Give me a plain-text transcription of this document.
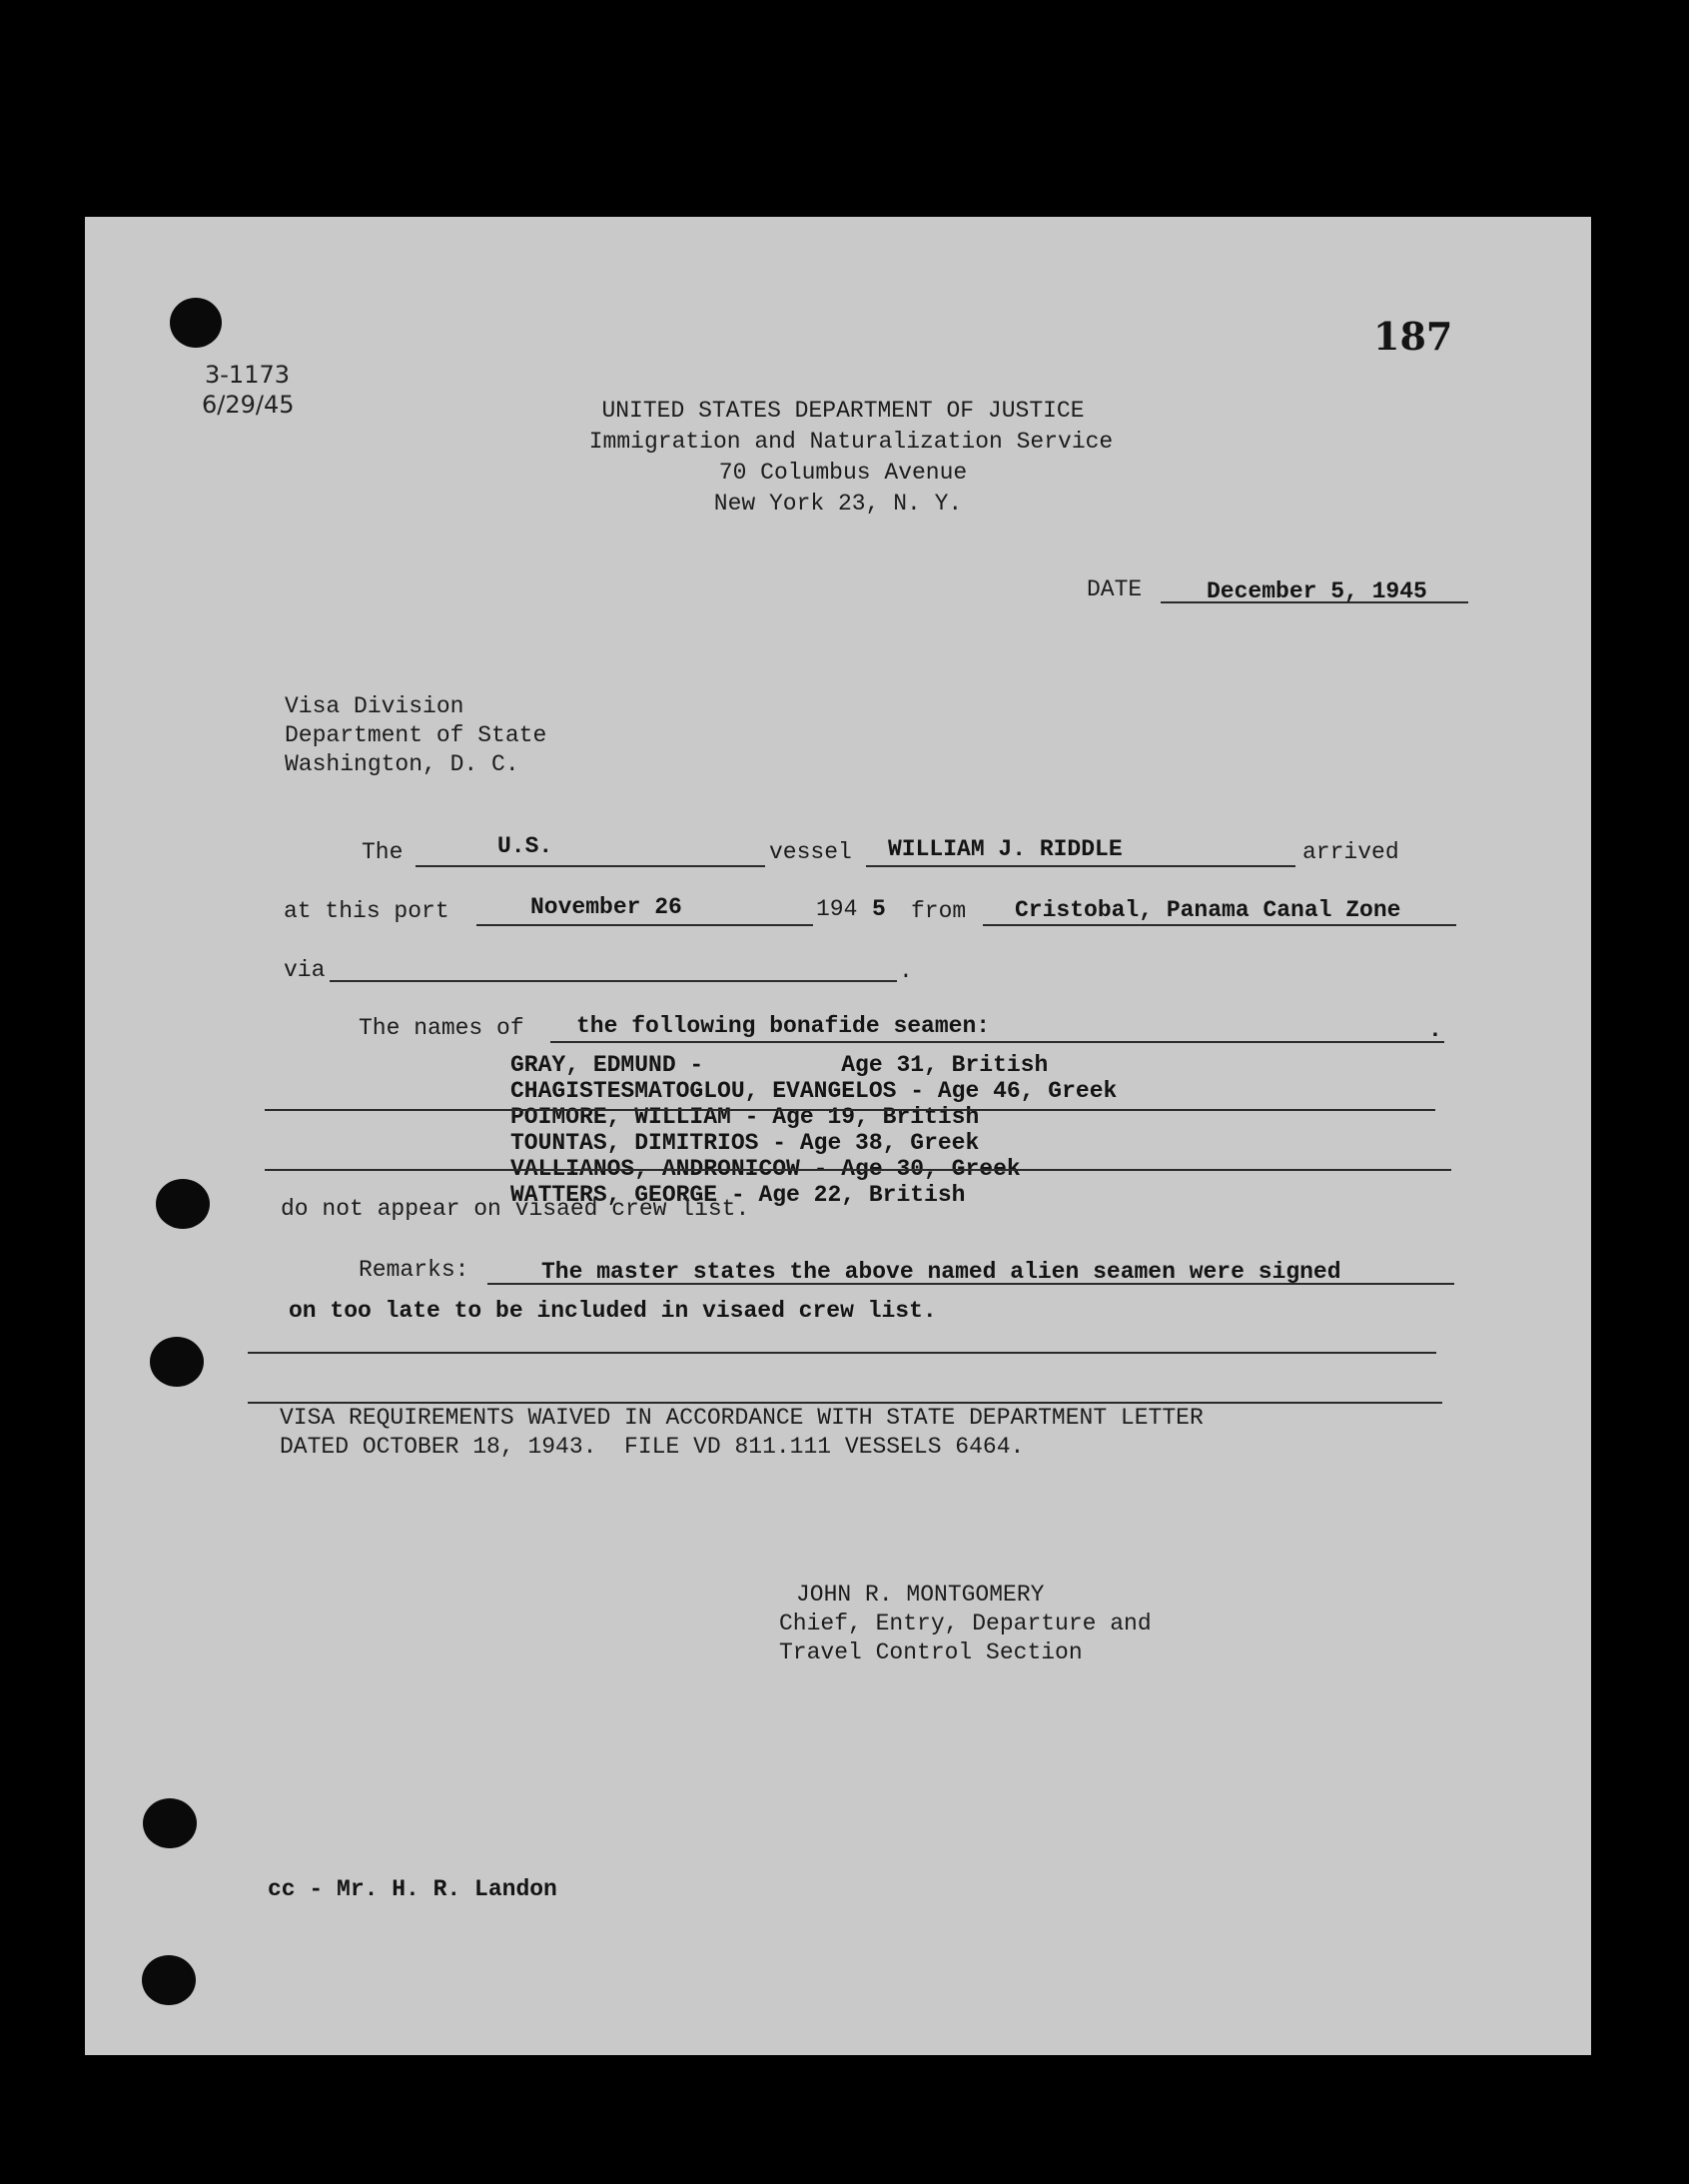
187
3-1173
6/29/45	UNITED STATES DEPARTMENT OF JUSTICE
Immigration and Naturalization Service
70 Columbus Avenue
New York 23, N. Y.
DATE	December 5, 1945
Visa Division
Department of State
Washington, D. C.
The	U.S.	vessel WILLIAM J. RIDDLE	arrived
at this port	November 26	194 5 from Cristobal, Panama Canal Zone
via	.
The names of the following bonafide seamen:	.
GRAY, EDMUND -          Age 31, British
CHAGISTESMATOGLOU, EVANGELOS - Age 46, Greek
POIMORE, WILLIAM - Age 19, British
TOUNTAS, DIMITRIOS - Age 38, Greek
VALLIANOS, ANDRONICOW - Age 30, Greek
WATTERS, GEORGE - Age 22, British
do not appear on visaed crew list.
Remarks:	The master states the above named alien seamen were signed
on too late to be included in visaed crew list.
VISA REQUIREMENTS WAIVED IN ACCORDANCE WITH STATE DEPARTMENT LETTER
DATED OCTOBER 18, 1943.  FILE VD 811.111 VESSELS 6464.
JOHN R. MONTGOMERY
Chief, Entry, Departure and
Travel Control Section
cc - Mr. H. R. Landon
